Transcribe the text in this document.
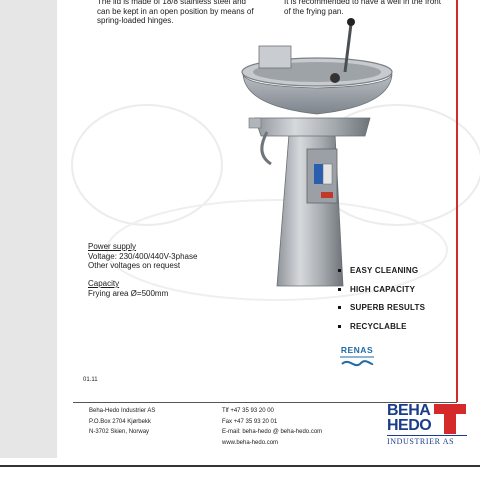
The lid is made of 18/8 stainless steel and
can be kept in an open position by means of
spring-loaded hinges.
It is recommended to have a well in the front
of the frying pan.
Power supply
Voltage: 230/400/440V-3phase
Other voltages on request
Capacity
Frying area Ø=500mm
EASY CLEANING
HIGH CAPACITY
SUPERB RESULTS
RECYCLABLE
RENAS
01.11
Beha-Hedo Industrier AS
P.O.Box 2704 Kjørbekk
N-3702 Skien, Norway
Tlf +47 35 93 20 00
Fax +47 35 93 20 01
E-mail: beha-hedo @ beha-hedo.com
www.beha-hedo.com
BEHA
HEDO
INDUSTRIER AS
